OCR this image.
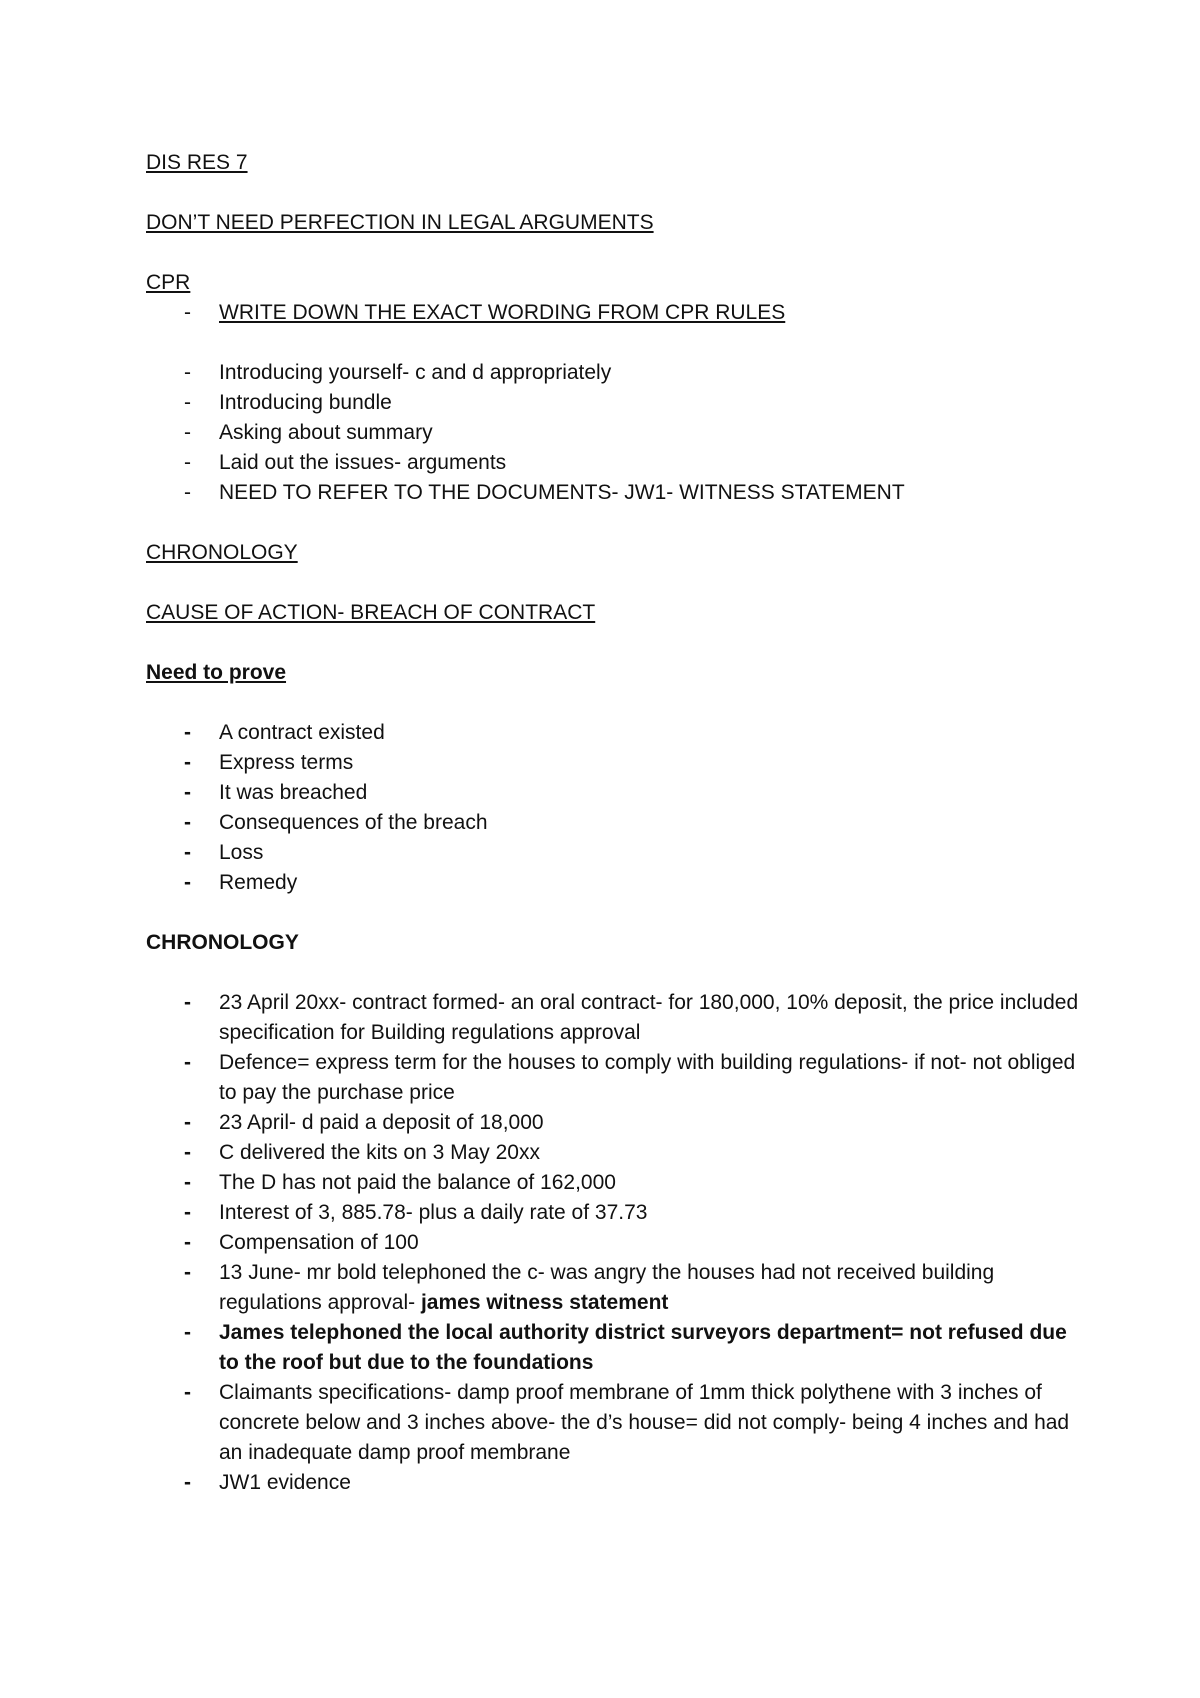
DIS RES 7

DON’T NEED PERFECTION IN LEGAL ARGUMENTS

CPR

- WRITE DOWN THE EXACT WORDING FROM CPR RULES
- Introducing yourself- c and d appropriately
- Introducing bundle
- Asking about summary
- Laid out the issues- arguments
- NEED TO REFER TO THE DOCUMENTS- JW1- WITNESS STATEMENT

CHRONOLOGY

CAUSE OF ACTION- BREACH OF CONTRACT

Need to prove

- A contract existed
- Express terms
- It was breached
- Consequences of the breach
- Loss
- Remedy

CHRONOLOGY

- 23 April 20xx- contract formed- an oral contract- for 180,000, 10% deposit, the price included specification for Building regulations approval
- Defence= express term for the houses to comply with building regulations- if not- not obliged to pay the purchase price
- 23 April- d paid a deposit of 18,000
- C delivered the kits on 3 May 20xx
- The D has not paid the balance of 162,000
- Interest of 3, 885.78- plus a daily rate of 37.73
- Compensation of 100
- 13 June- mr bold telephoned the c- was angry the houses had not received building regulations approval- james witness statement
- James telephoned the local authority district surveyors department= not refused due to the roof but due to the foundations
- Claimants specifications- damp proof membrane of 1mm thick polythene with 3 inches of concrete below and 3 inches above- the d’s house= did not comply- being 4 inches and had an inadequate damp proof membrane
- JW1 evidence
